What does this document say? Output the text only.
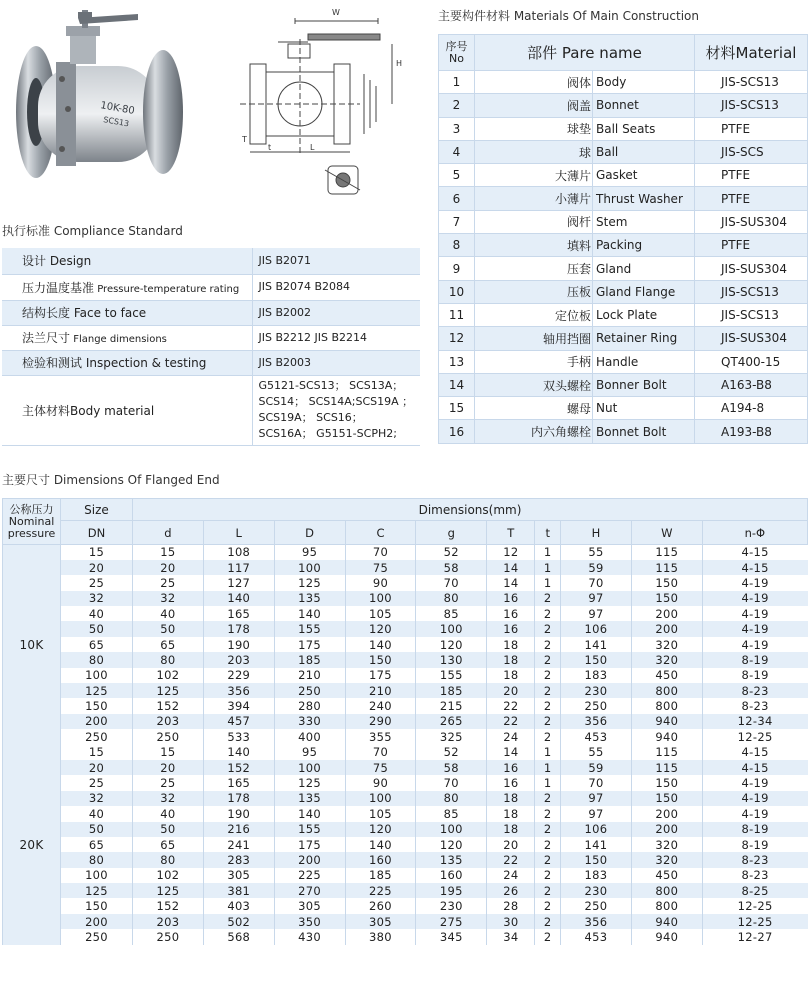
10K-80
SCS13
W
H
L
T
t
执行标准 Compliance Standard
设计 Design	JIS B2071
压力温度基准 Pressure-temperature rating	JIS B2074 B2084
结构长度 Face to face	JIS B2002
法兰尺寸 Flange dimensions	JIS B2212 JIS B2214
检验和测试 Inspection & testing	JIS B2003
主体材料Body material	G5121-SCS13； SCS13A；
SCS14； SCS14A;SCS19A ；
SCS19A； SCS16；
SCS16A； G5151-SCPH2;
主要构件材料 Materials Of Main Construction
序号
No	部件 Pare name		材料Material
1	阀体	Body	JIS-SCS13
2	阀盖	Bonnet	JIS-SCS13
3	球垫	Ball Seats	PTFE
4	球	Ball	JIS-SCS
5	大薄片	Gasket	PTFE
6	小薄片	Thrust Washer	PTFE
7	阀杆	Stem	JIS-SUS304
8	填料	Packing	PTFE
9	压套	Gland	JIS-SUS304
10	压板	Gland Flange	JIS-SCS13
11	定位板	Lock Plate	JIS-SCS13
12	轴用挡圈	Retainer Ring	JIS-SUS304
13	手柄	Handle	QT400-15
14	双头螺栓	Bonner Bolt	A163-B8
15	螺母	Nut	A194-8
16	内六角螺栓	Bonnet Bolt	A193-B8
主要尺寸 Dimensions Of Flanged End
公称压力
Nominal
pressure	Size	Dimensions(mm)									
	DN	d	L	D	C	g	T	t	H	W	n-Φ
10K	15	15	108	95	70	52	12	1	55	115	4-15
	20	20	117	100	75	58	14	1	59	115	4-15
	25	25	127	125	90	70	14	1	70	150	4-19
	32	32	140	135	100	80	16	2	97	150	4-19
	40	40	165	140	105	85	16	2	97	200	4-19
	50	50	178	155	120	100	16	2	106	200	4-19
	65	65	190	175	140	120	18	2	141	320	4-19
	80	80	203	185	150	130	18	2	150	320	8-19
	100	102	229	210	175	155	18	2	183	450	8-19
	125	125	356	250	210	185	20	2	230	800	8-23
	150	152	394	280	240	215	22	2	250	800	8-23
	200	203	457	330	290	265	22	2	356	940	12-34
	250	250	533	400	355	325	24	2	453	940	12-25
20K	15	15	140	95	70	52	14	1	55	115	4-15
	20	20	152	100	75	58	16	1	59	115	4-15
	25	25	165	125	90	70	16	1	70	150	4-19
	32	32	178	135	100	80	18	2	97	150	4-19
	40	40	190	140	105	85	18	2	97	200	4-19
	50	50	216	155	120	100	18	2	106	200	8-19
	65	65	241	175	140	120	20	2	141	320	8-19
	80	80	283	200	160	135	22	2	150	320	8-23
	100	102	305	225	185	160	24	2	183	450	8-23
	125	125	381	270	225	195	26	2	230	800	8-25
	150	152	403	305	260	230	28	2	250	800	12-25
	200	203	502	350	305	275	30	2	356	940	12-25
	250	250	568	430	380	345	34	2	453	940	12-27
